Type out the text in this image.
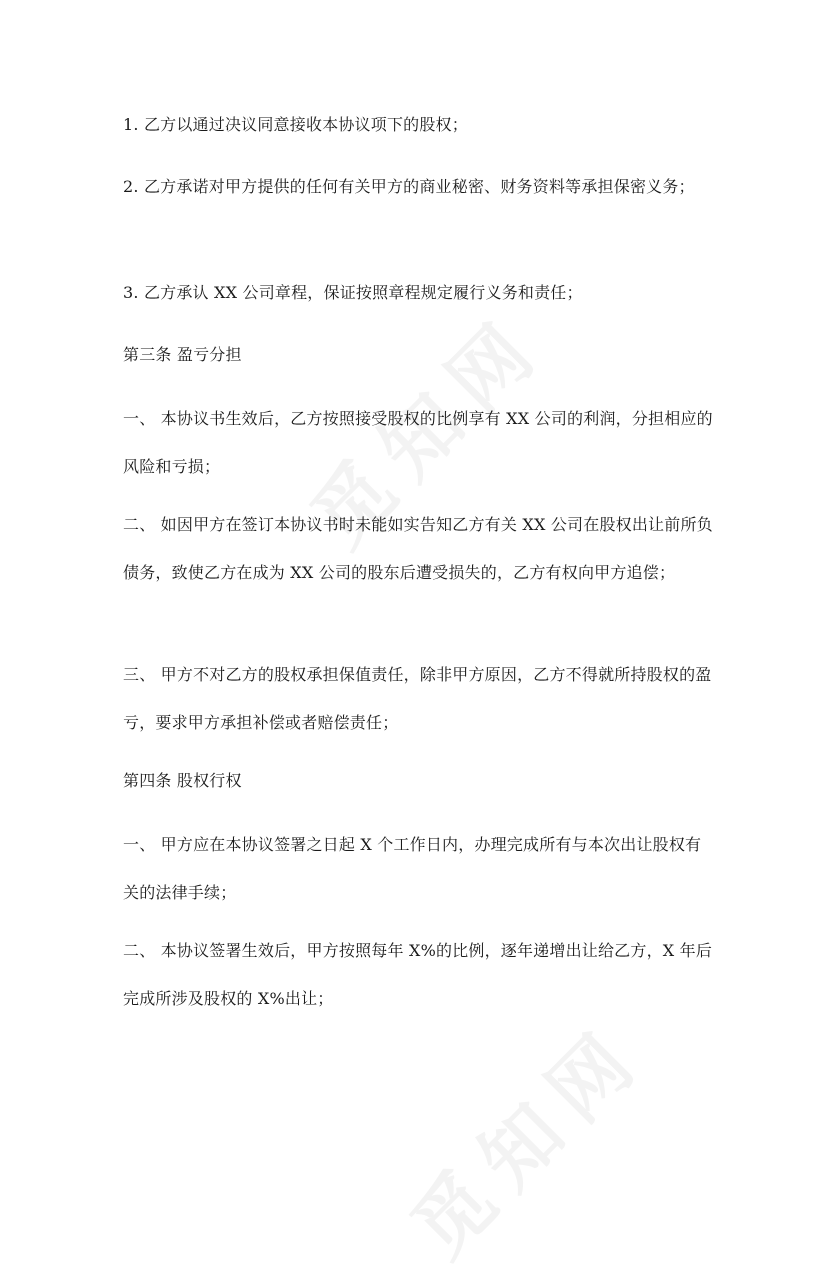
1. 乙方以通过决议同意接收本协议项下的股权；

2. 乙方承诺对甲方提供的任何有关甲方的商业秘密、财务资料等承担保密义务；

3. 乙方承认 XX 公司章程，保证按照章程规定履行义务和责任；

第三条 盈亏分担

一、 本协议书生效后，乙方按照接受股权的比例享有 XX 公司的利润，分担相应的风险和亏损；

二、 如因甲方在签订本协议书时未能如实告知乙方有关 XX 公司在股权出让前所负债务，致使乙方在成为 XX 公司的股东后遭受损失的，乙方有权向甲方追偿；

三、 甲方不对乙方的股权承担保值责任，除非甲方原因，乙方不得就所持股权的盈亏，要求甲方承担补偿或者赔偿责任；

第四条 股权行权

一、 甲方应在本协议签署之日起 X 个工作日内，办理完成所有与本次出让股权有关的法律手续；

二、 本协议签署生效后，甲方按照每年 X%的比例，逐年递增出让给乙方，X 年后完成所涉及股权的 X%出让；
